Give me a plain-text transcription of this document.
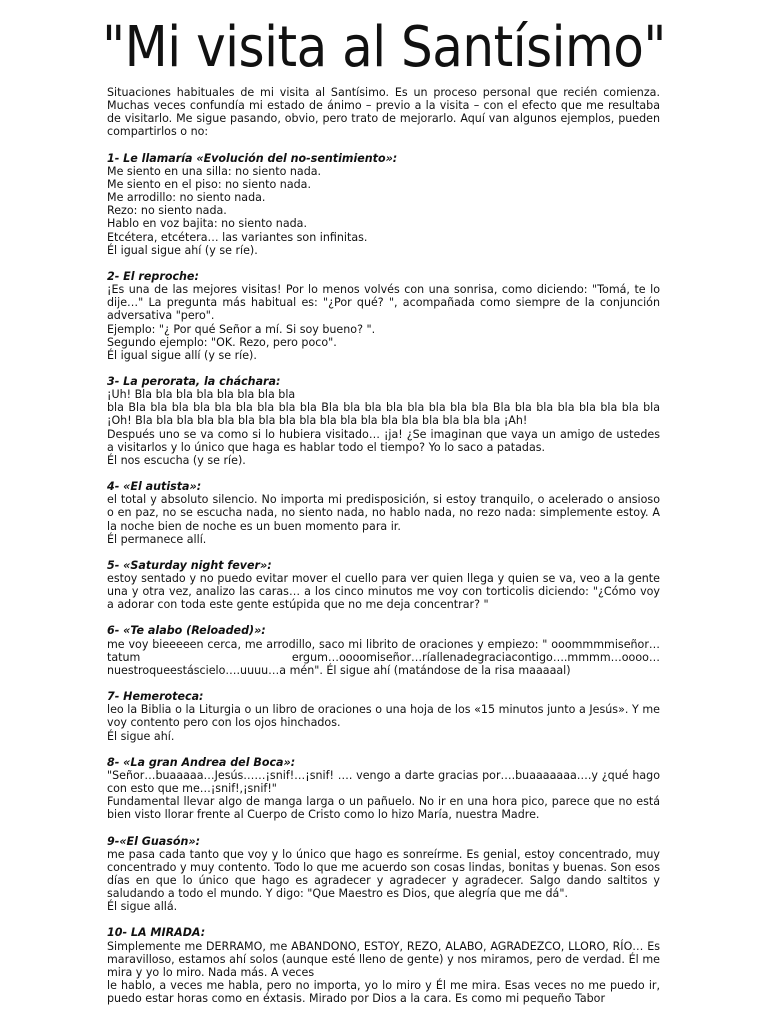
"Mi visita al Santísimo"

Situaciones habituales de mi visita al Santísimo. Es un proceso personal que recién comienza. Muchas veces confundía mi estado de ánimo – previo a la visita – con el efecto que me resultaba de visitarlo. Me sigue pasando, obvio, pero trato de mejorarlo. Aquí van algunos ejemplos, pueden compartirlos o no:

1- Le llamaría «Evolución del no-sentimiento»:

Me siento en una silla: no siento nada.

Me siento en el piso: no siento nada.

Me arrodillo: no siento nada.

Rezo: no siento nada.

Hablo en voz bajita: no siento nada.

Etcétera, etcétera… las variantes son infinitas.

Él igual sigue ahí (y se ríe).

2- El reproche:

¡Es una de las mejores visitas! Por lo menos volvés con una sonrisa, como diciendo: "Tomá, te lo dije…" La pregunta más habitual es: "¿Por qué? ", acompañada como siempre de la conjunción adversativa "pero".

Ejemplo: "¿ Por qué Señor a mí. Si soy bueno? ".

Segundo ejemplo: "OK. Rezo, pero poco".

Él igual sigue allí (y se ríe).

3- La perorata, la cháchara:

¡Uh! Bla bla bla bla bla bla bla bla

bla Bla bla bla bla bla bla bla bla bla Bla bla bla bla bla bla bla bla Bla bla bla bla bla bla bla bla ¡Oh! Bla bla bla bla bla bla bla bla bla bla bla bla bla bla bla bla bla bla ¡Ah!

Después uno se va como si lo hubiera visitado… ¡ja! ¿Se imaginan que vaya un amigo de ustedes a visitarlos y lo único que haga es hablar todo el tiempo? Yo lo saco a patadas.

Él nos escucha (y se ríe).

4- «El autista»:

el total y absoluto silencio. No importa mi predisposición, si estoy tranquilo, o acelerado o ansioso o en paz, no se escucha nada, no siento nada, no hablo nada, no rezo nada: simplemente estoy. A la noche bien de noche es un buen momento para ir.

Él permanece allí.

5- «Saturday night fever»:

estoy sentado y no puedo evitar mover el cuello para ver quien llega y quien se va, veo a la gente una y otra vez, analizo las caras… a los cinco minutos me voy con torticolis diciendo: "¿Cómo voy a adorar con toda este gente estúpida que no me deja concentrar? "

6- «Te alabo (Reloaded)»:

me voy bieeeeen cerca, me arrodillo, saco mi librito de oraciones y empiezo: " ooommmmiseñor…tatum ergum…oooomiseñor…ríallenadegraciacontigo….mmmm…oooo…nuestroqueestáscielo….uuuu…a mén". Él sigue ahí (matándose de la risa maaaaal)

7- Hemeroteca:

leo la Biblia o la Liturgia o un libro de oraciones o una hoja de los «15 minutos junto a Jesús». Y me voy contento pero con los ojos hinchados.

Él sigue ahí.

8- «La gran Andrea del Boca»:

"Señor…buaaaaa…Jesús……¡snif!…¡snif! …. vengo a darte gracias por….buaaaaaaa….y ¿qué hago con esto que me…¡snif!,¡snif!"

Fundamental llevar algo de manga larga o un pañuelo. No ir en una hora pico, parece que no está bien visto llorar frente al Cuerpo de Cristo como lo hizo María, nuestra Madre.

9-«El Guasón»:

me pasa cada tanto que voy y lo único que hago es sonreírme. Es genial, estoy concentrado, muy concentrado y muy contento. Todo lo que me acuerdo son cosas lindas, bonitas y buenas. Son esos días en que lo único que hago es agradecer y agradecer y agradecer. Salgo dando saltitos y saludando a todo el mundo. Y digo: "Que Maestro es Dios, que alegría que me dá".

Él sigue allá.

10- LA MIRADA:

Simplemente me DERRAMO, me ABANDONO, ESTOY, REZO, ALABO, AGRADEZCO, LLORO, RÍO… Es maravilloso, estamos ahí solos (aunque esté lleno de gente) y nos miramos, pero de verdad. Él me mira y yo lo miro. Nada más. A veces

le hablo, a veces me habla, pero no importa, yo lo miro y Él me mira. Esas veces no me puedo ir, puedo estar horas como en éxtasis. Mirado por Dios a la cara. Es como mi pequeño Tabor
